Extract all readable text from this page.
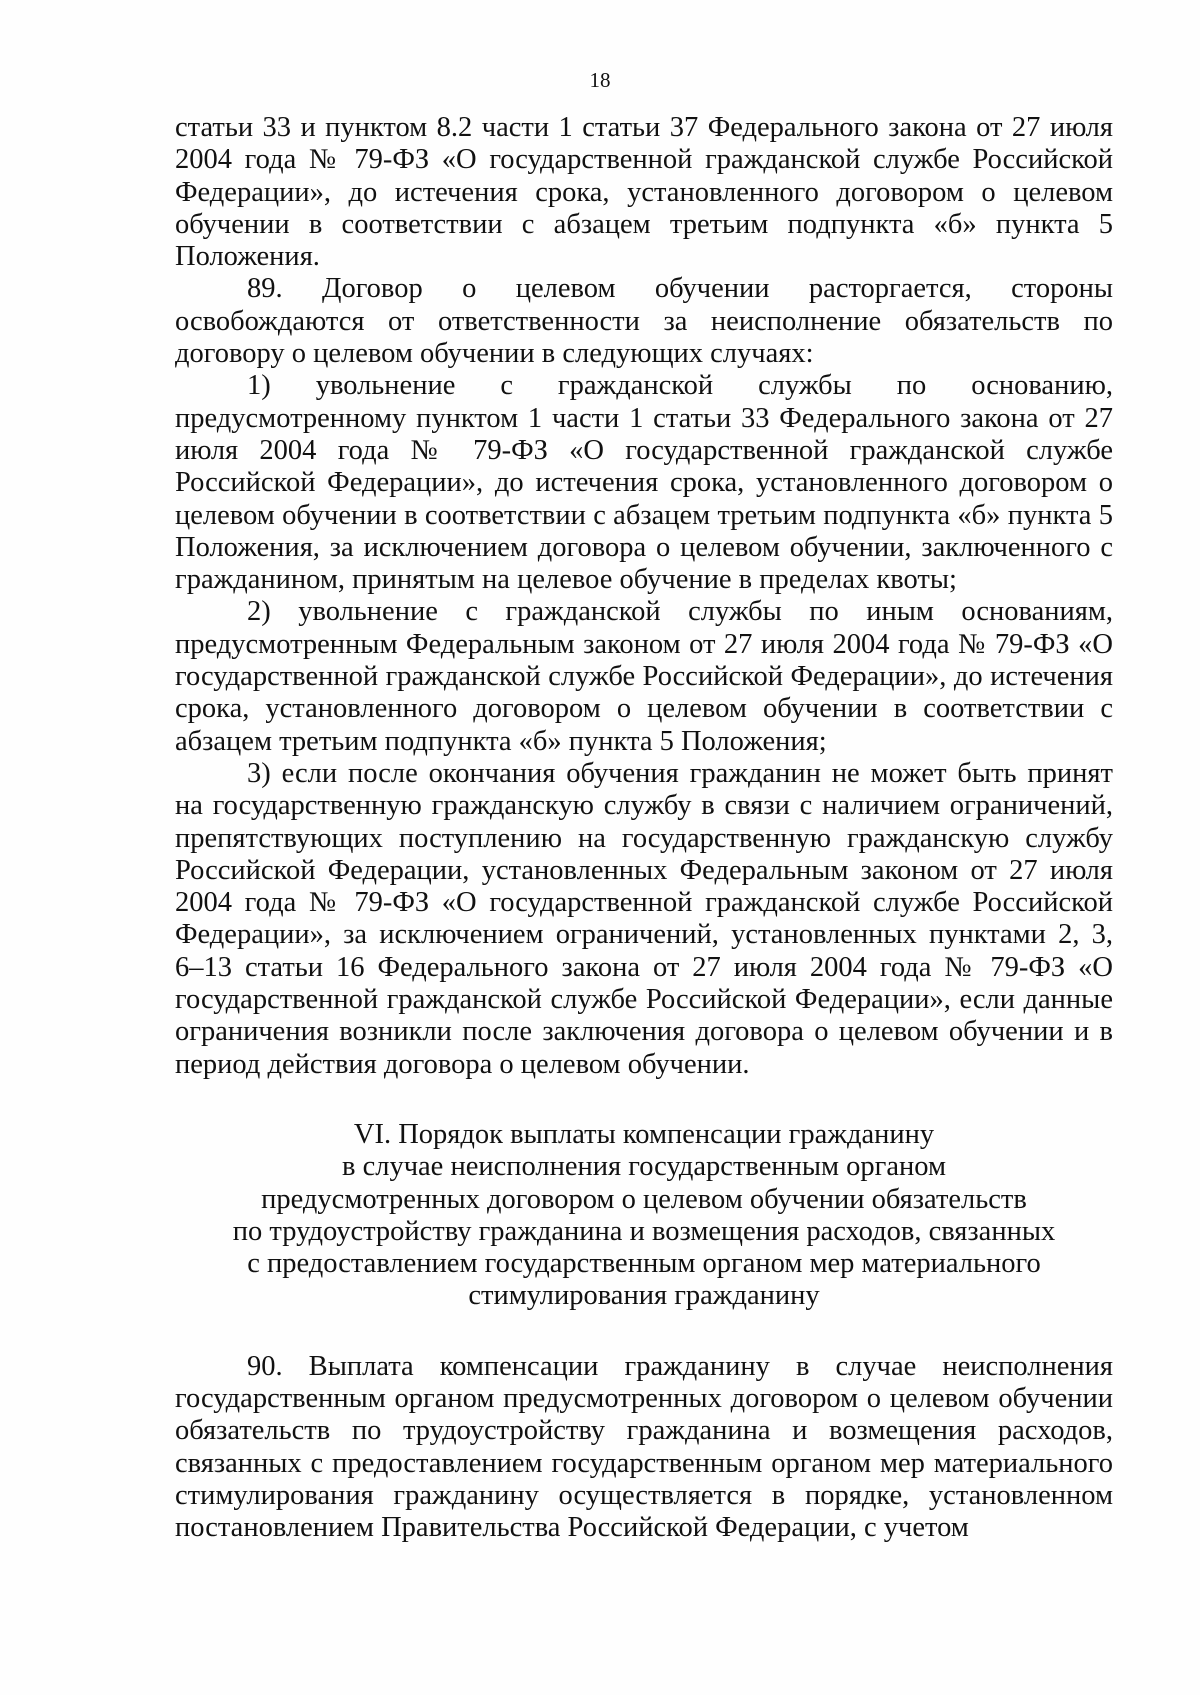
18

статьи 33 и пунктом 8.2 части 1 статьи 37 Федерального закона от 27 июля 2004 года № 79-ФЗ «О государственной гражданской службе Российской Федерации», до истечения срока, установленного договором о целевом обучении в соответствии с абзацем третьим подпункта «б» пункта 5 Положения.

89. Договор о целевом обучении расторгается, стороны освобождаются от ответственности за неисполнение обязательств по договору о целевом обучении в следующих случаях:

1) увольнение с гражданской службы по основанию, предусмотренному пунктом 1 части 1 статьи 33 Федерального закона от 27 июля 2004 года № 79-ФЗ «О государственной гражданской службе Российской Федерации», до истечения срока, установленного договором о целевом обучении в соответствии с абзацем третьим подпункта «б» пункта 5 Положения, за исключением договора о целевом обучении, заключенного с гражданином, принятым на целевое обучение в пределах квоты;

2) увольнение с гражданской службы по иным основаниям, предусмотренным Федеральным законом от 27 июля 2004 года № 79-ФЗ «О государственной гражданской службе Российской Федерации», до истечения срока, установленного договором о целевом обучении в соответствии с абзацем третьим подпункта «б» пункта 5 Положения;

3) если после окончания обучения гражданин не может быть принят на государственную гражданскую службу в связи с наличием ограничений, препятствующих поступлению на государственную гражданскую службу Российской Федерации, установленных Федеральным законом от 27 июля 2004 года № 79-ФЗ «О государственной гражданской службе Российской Федерации», за исключением ограничений, установленных пунктами 2, 3, 6–13 статьи 16 Федерального закона от 27 июля 2004 года № 79-ФЗ «О государственной гражданской службе Российской Федерации», если данные ограничения возникли после заключения договора о целевом обучении и в период действия договора о целевом обучении.

VI. Порядок выплаты компенсации гражданину
в случае неисполнения государственным органом
предусмотренных договором о целевом обучении обязательств
по трудоустройству гражданина и возмещения расходов, связанных
с предоставлением государственным органом мер материального
стимулирования гражданину

90. Выплата компенсации гражданину в случае неисполнения государственным органом предусмотренных договором о целевом обучении обязательств по трудоустройству гражданина и возмещения расходов, связанных с предоставлением государственным органом мер материального стимулирования гражданину осуществляется в порядке, установленном постановлением Правительства Российской Федерации, с учетом
